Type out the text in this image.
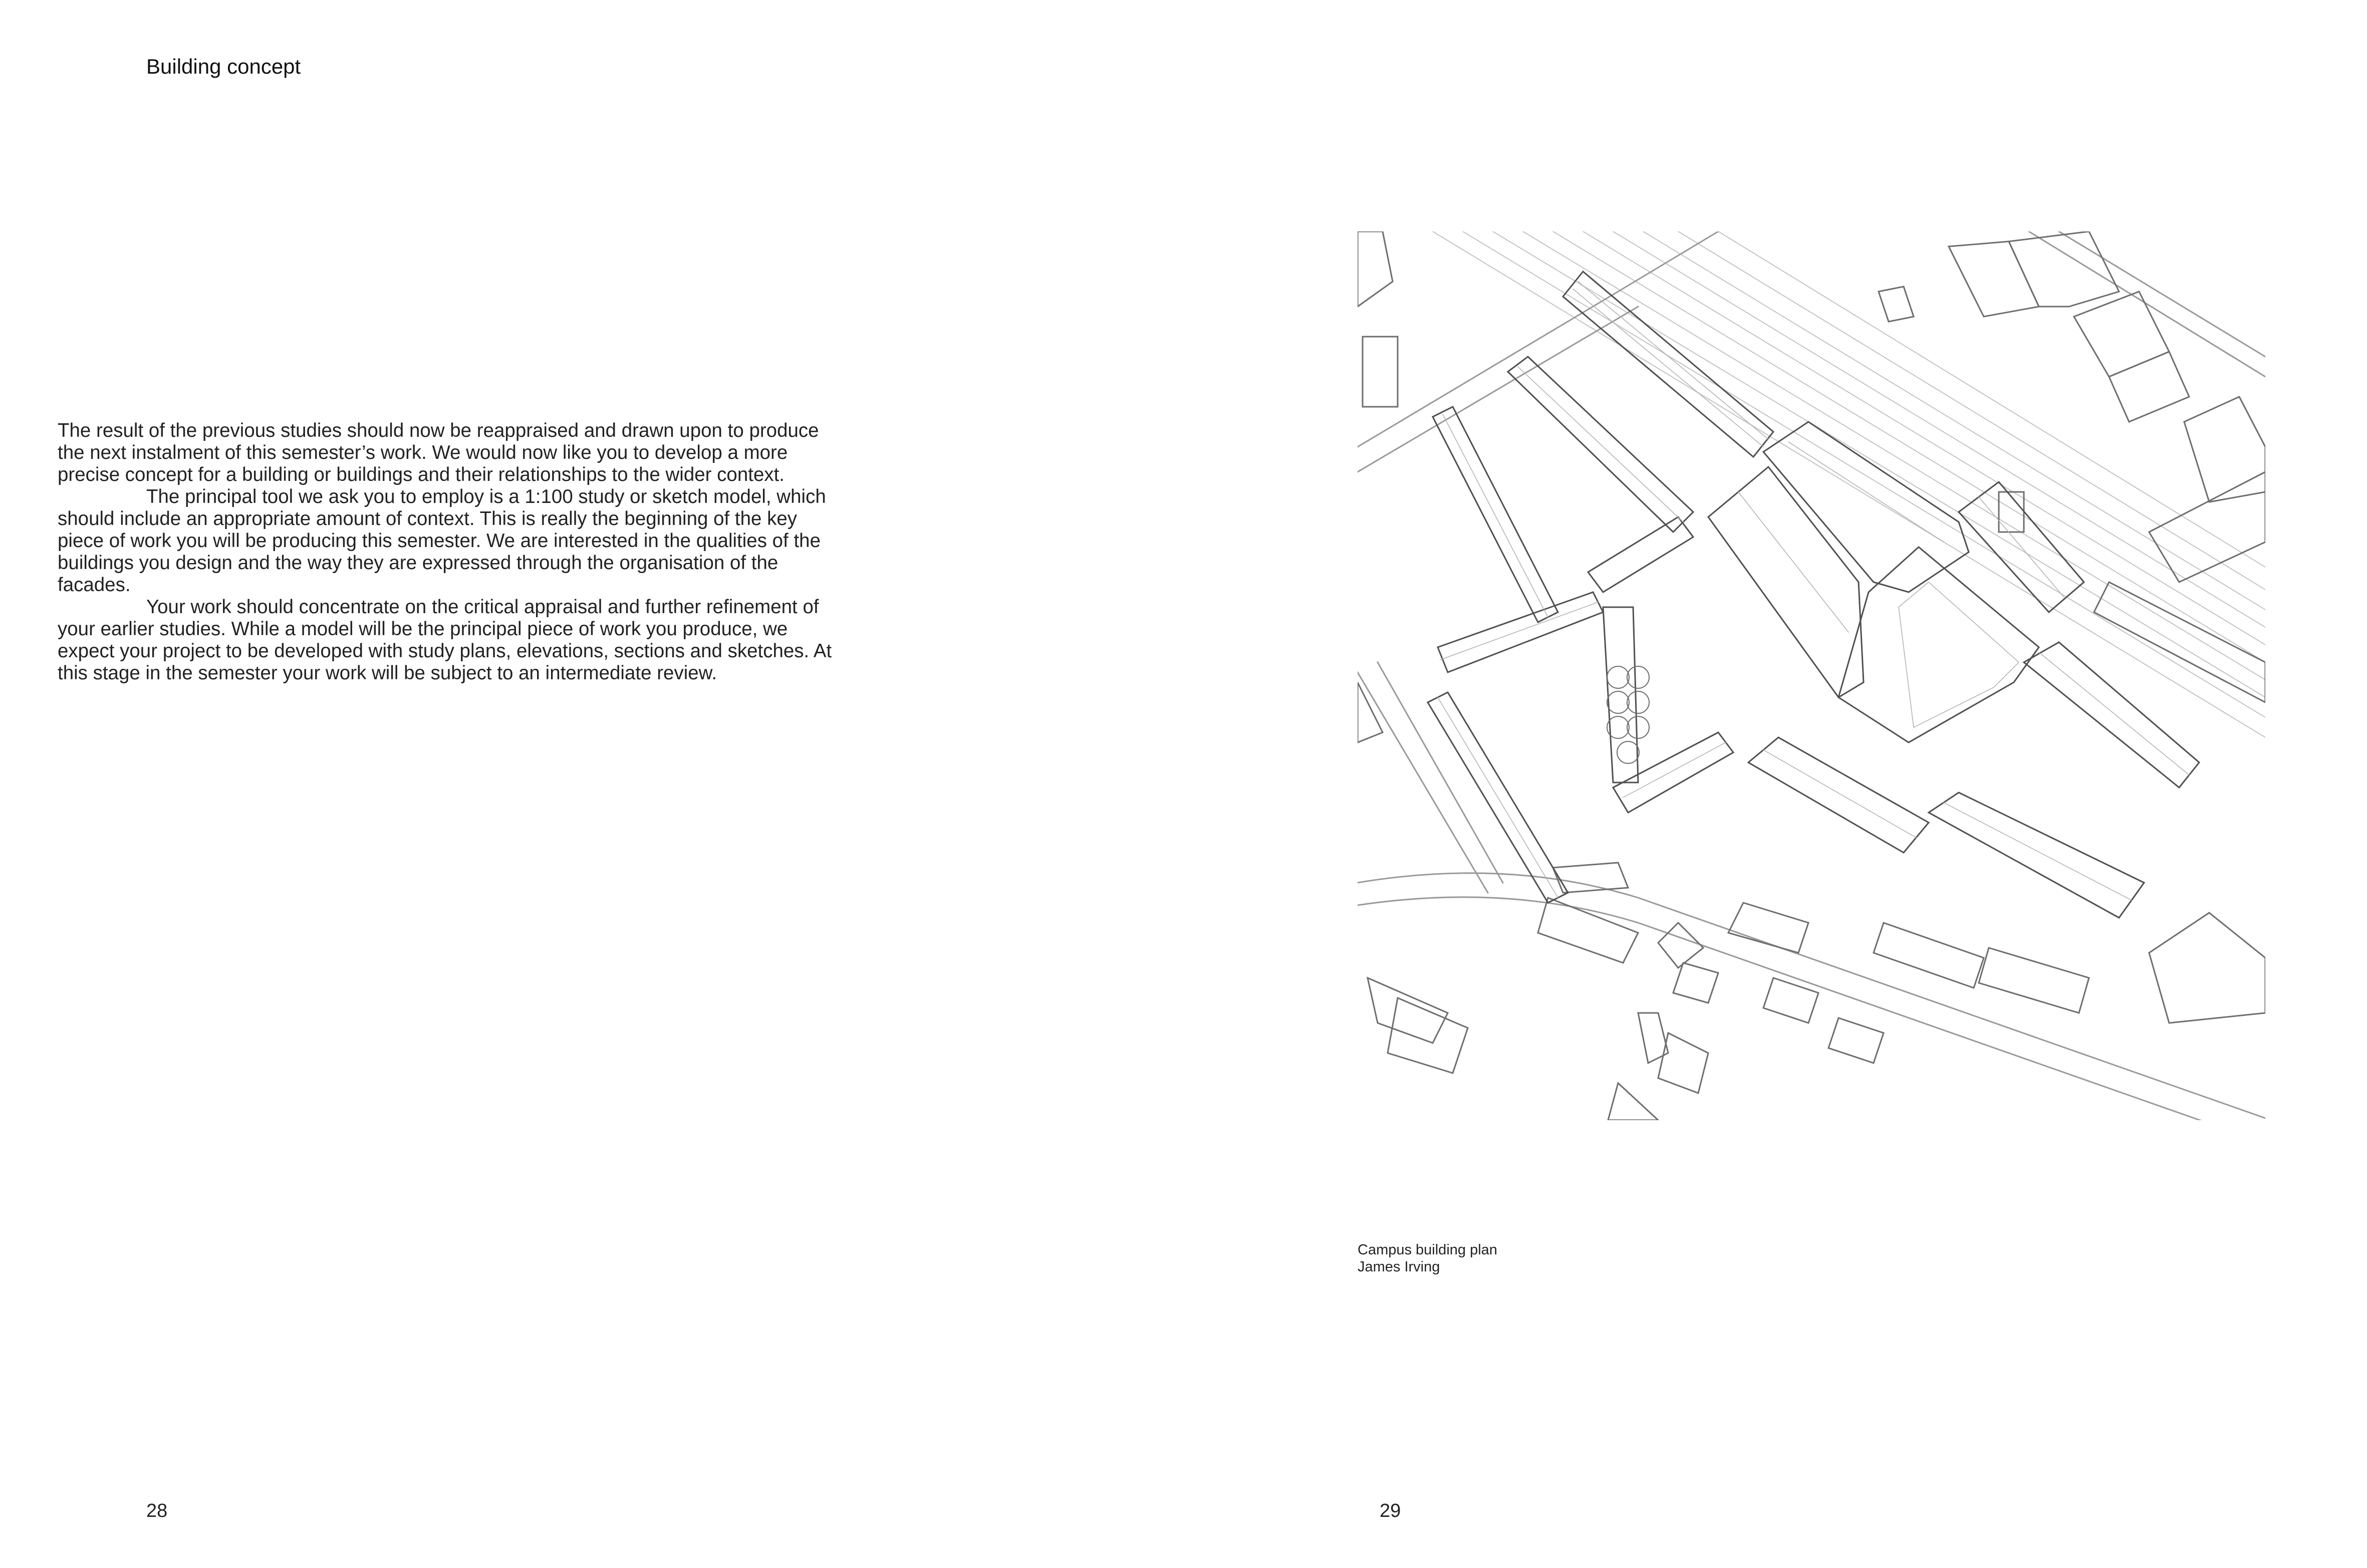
Building concept

The result of the previous studies should now be reappraised and drawn upon to produce the next instalment of this semester’s work. We would now like you to develop a more precise concept for a building or buildings and their relationships to the wider context.

The principal tool we ask you to employ is a 1:100 study or sketch model, which should include an appropriate amount of context. This is really the beginning of the key piece of work you will be producing this semester. We are interested in the qualities of the buildings you design and the way they are expressed through the organisation of the facades.

Your work should concentrate on the critical appraisal and further refinement of your earlier studies. While a model will be the principal piece of work you produce, we expect your project to be developed with study plans, elevations, sections and sketches. At this stage in the semester your work will be subject to an intermediate review.

28
Campus building plan
James Irving
29
